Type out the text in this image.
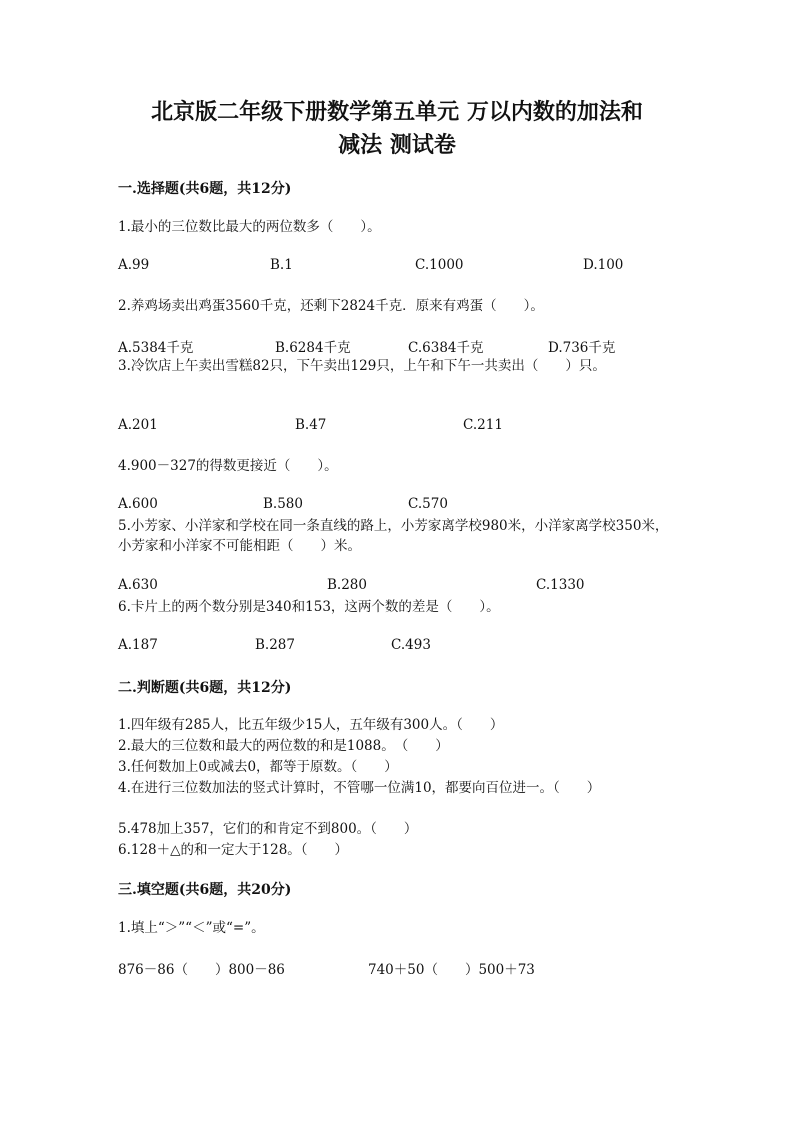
北京版二年级下册数学第五单元 万以内数的加法和
减法 测试卷
一.选择题(共6题，共12分)
1.最小的三位数比最大的两位数多（　　）。
A.99	B.1	C.1000	D.100
2.养鸡场卖出鸡蛋3560千克，还剩下2824千克．原来有鸡蛋（　　）。
A.5384千克	B.6284千克	C.6384千克	D.736千克
3.冷饮店上午卖出雪糕82只，下午卖出129只，上午和下午一共卖出（　　）只。
A.201	B.47	C.211
4.900－327的得数更接近（　　）。
A.600	B.580	C.570
5.小芳家、小洋家和学校在同一条直线的路上，小芳家离学校980米，小洋家离学校350米，小芳家和小洋家不可能相距（　　）米。
A.630	B.280	C.1330
6.卡片上的两个数分别是340和153，这两个数的差是（　　）。
A.187	B.287	C.493
二.判断题(共6题，共12分)
1.四年级有285人，比五年级少15人，五年级有300人。（　　）
2.最大的三位数和最大的两位数的和是1088。　（　　）
3.任何数加上0或减去0，都等于原数。（　　）
4.在进行三位数加法的竖式计算时，不管哪一位满10，都要向百位进一。（　　）
5.478加上357，它们的和肯定不到800。（　　）
6.128＋△的和一定大于128。（　　）
三.填空题(共6题，共20分)
1.填上“＞”“＜”或“=”。
876－86（　　）800－86	740＋50（　　）500＋73
